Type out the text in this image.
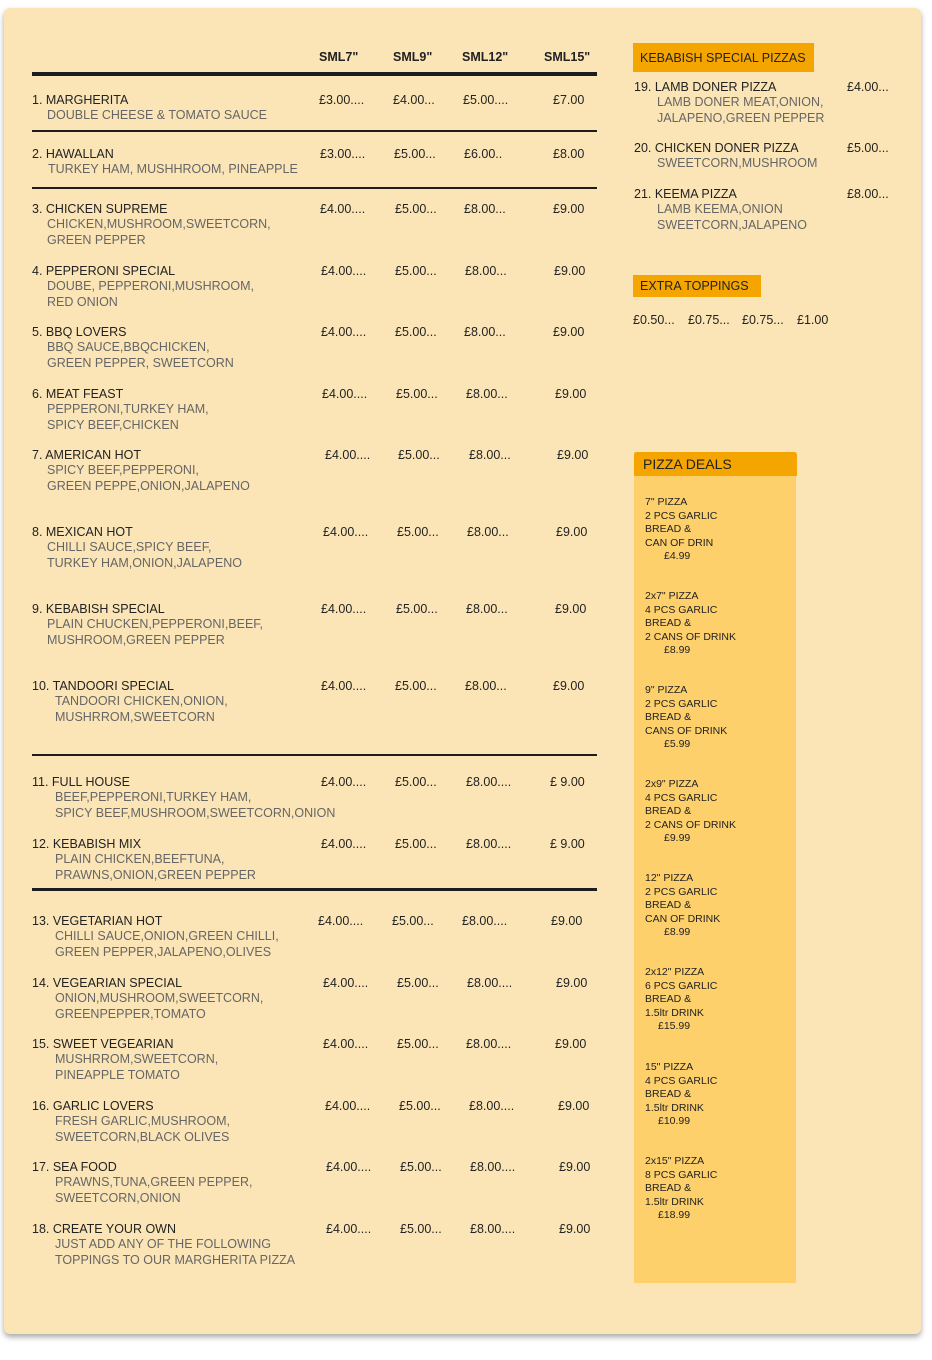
SML7"	SML9" SML12"	SML15"
1. MARGHERITA
DOUBLE CHEESE & TOMATO SAUCE
£3.00.... £4.00... £5.00....	£7.00
2. HAWALLAN
TURKEY HAM, MUSHHROOM, PINEAPPLE
£3.00.... £5.00... £6.00..	£8.00
3. CHICKEN SUPREME
CHICKEN,MUSHROOM,SWEETCORN,
GREEN PEPPER
£4.00.... £5.00... £8.00...	£9.00
4. PEPPERONI SPECIAL
DOUBE, PEPPERONI,MUSHROOM,
RED ONION
£4.00.... £5.00... £8.00...	£9.00
5. BBQ LOVERS
BBQ SAUCE,BBQCHICKEN,
GREEN PEPPER, SWEETCORN
£4.00.... £5.00... £8.00...	£9.00
6. MEAT FEAST
PEPPERONI,TURKEY HAM,
SPICY BEEF,CHICKEN
£4.00.... £5.00... £8.00...	£9.00
7. AMERICAN HOT
SPICY BEEF,PEPPERONI,
GREEN PEPPE,ONION,JALAPENO
£4.00.... £5.00... £8.00...	£9.00
8. MEXICAN HOT
CHILLI SAUCE,SPICY BEEF,
TURKEY HAM,ONION,JALAPENO
£4.00.... £5.00... £8.00...	£9.00
9. KEBABISH SPECIAL
PLAIN CHUCKEN,PEPPERONI,BEEF,
MUSHROOM,GREEN PEPPER
£4.00.... £5.00... £8.00...	£9.00
10. TANDOORI SPECIAL
TANDOORI CHICKEN,ONION,
MUSHRROM,SWEETCORN
£4.00.... £5.00... £8.00...	£9.00
11. FULL HOUSE
BEEF,PEPPERONI,TURKEY HAM,
SPICY BEEF,MUSHROOM,SWEETCORN,ONION
£4.00.... £5.00... £8.00....	£ 9.00
12. KEBABISH MIX
PLAIN CHICKEN,BEEFTUNA,
PRAWNS,ONION,GREEN PEPPER
£4.00.... £5.00... £8.00....	£ 9.00
13. VEGETARIAN HOT
CHILLI SAUCE,ONION,GREEN CHILLI,
GREEN PEPPER,JALAPENO,OLIVES
£4.00.... £5.00... £8.00....	£9.00
14. VEGEARIAN SPECIAL
ONION,MUSHROOM,SWEETCORN,
GREENPEPPER,TOMATO
£4.00.... £5.00... £8.00....	£9.00
15. SWEET VEGEARIAN
MUSHRROM,SWEETCORN,
PINEAPPLE TOMATO
£4.00.... £5.00... £8.00....	£9.00
16. GARLIC LOVERS
FRESH GARLIC,MUSHROOM,
SWEETCORN,BLACK OLIVES
£4.00.... £5.00... £8.00....	£9.00
17. SEA FOOD
PRAWNS,TUNA,GREEN PEPPER,
SWEETCORN,ONION
£4.00.... £5.00... £8.00....	£9.00
18. CREATE YOUR OWN
JUST ADD ANY OF THE FOLLOWING
TOPPINGS TO OUR MARGHERITA PIZZA
£4.00.... £5.00... £8.00....	£9.00
KEBABISH SPECIAL PIZZAS
19. LAMB DONER PIZZA	£4.00...
LAMB DONER MEAT,ONION,
JALAPENO,GREEN PEPPER
20. CHICKEN DONER PIZZA	£5.00...
SWEETCORN,MUSHROOM
21. KEEMA PIZZA	£8.00...
LAMB KEEMA,ONION
SWEETCORN,JALAPENO
EXTRA TOPPINGS
£0.50... £0.75... £0.75... £1.00
PIZZA DEALS
7" PIZZA
2 PCS GARLIC
BREAD &
CAN OF DRIN
£4.99
2x7" PIZZA
4 PCS GARLIC
BREAD &
2 CANS OF DRINK
£8.99
9" PIZZA
2 PCS GARLIC
BREAD &
CANS OF DRINK
£5.99
2x9" PIZZA
4 PCS GARLIC
BREAD &
2 CANS OF DRINK
£9.99
12" PIZZA
2 PCS GARLIC
BREAD &
CAN OF DRINK
£8.99
2x12" PIZZA
6 PCS GARLIC
BREAD &
1.5ltr DRINK
£15.99
15" PIZZA
4 PCS GARLIC
BREAD &
1.5ltr DRINK
£10.99
2x15" PIZZA
8 PCS GARLIC
BREAD &
1.5ltr DRINK
£18.99
